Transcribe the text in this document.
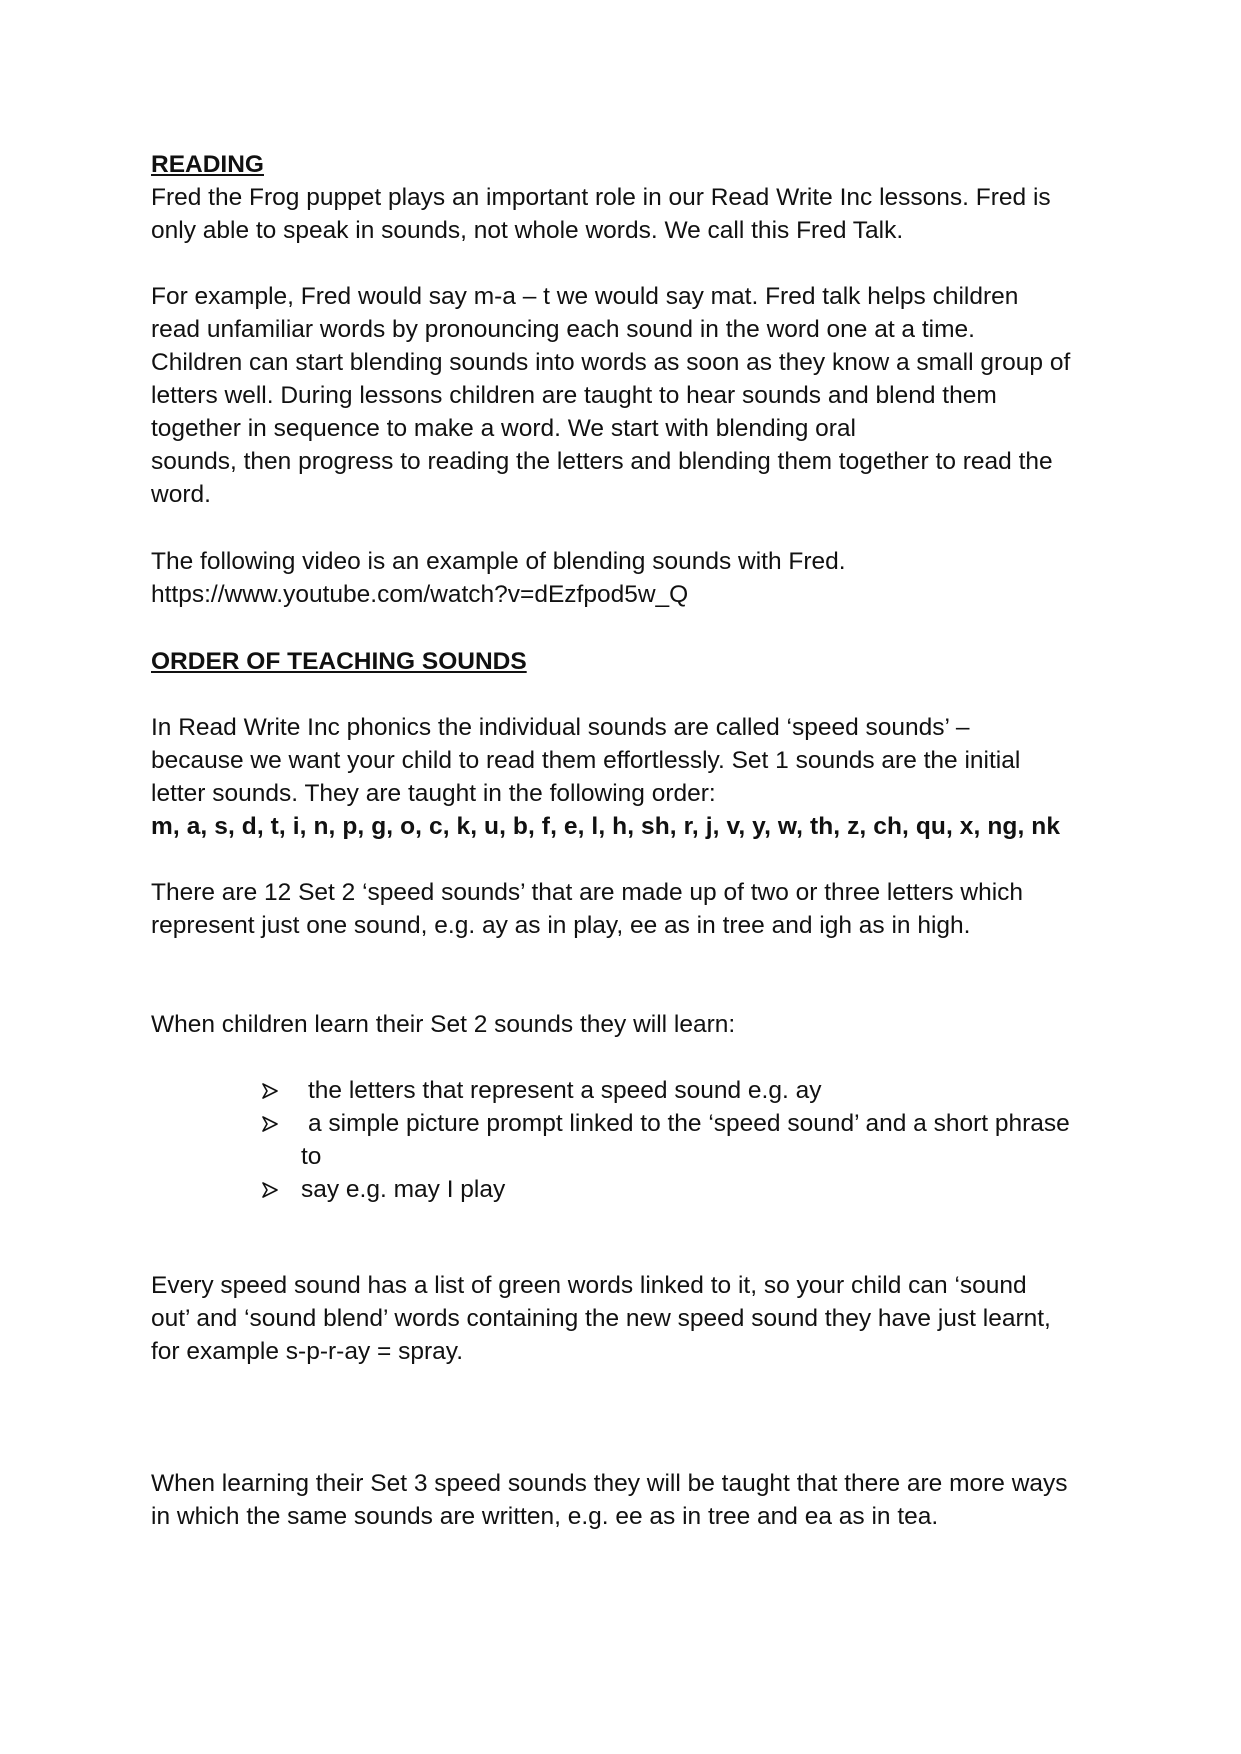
READING

Fred the Frog puppet plays an important role in our Read Write Inc lessons. Fred is
only able to speak in sounds, not whole words. We call this Fred Talk.

For example, Fred would say m-a – t we would say mat. Fred talk helps children
read unfamiliar words by pronouncing each sound in the word one at a time.
Children can start blending sounds into words as soon as they know a small group of
letters well. During lessons children are taught to hear sounds and blend them
together in sequence to make a word. We start with blending oral
sounds, then progress to reading the letters and blending them together to read the
word.

The following video is an example of blending sounds with Fred.
https://www.youtube.com/watch?v=dEzfpod5w_Q

ORDER OF TEACHING SOUNDS

In Read Write Inc phonics the individual sounds are called ‘speed sounds’ –
because we want your child to read them effortlessly. Set 1 sounds are the initial
letter sounds. They are taught in the following order:
m, a, s, d, t, i, n, p, g, o, c, k, u, b, f, e, l, h, sh, r, j, v, y, w, th, z, ch, qu, x, ng, nk

There are 12 Set 2 ‘speed sounds’ that are made up of two or three letters which
represent just one sound, e.g. ay as in play, ee as in tree and igh as in high.

When children learn their Set 2 sounds they will learn:

the letters that represent a speed sound e.g. ay
a simple picture prompt linked to the ‘speed sound’ and a short phrase
to
say e.g. may I play

Every speed sound has a list of green words linked to it, so your child can ‘sound
out’ and ‘sound blend’ words containing the new speed sound they have just learnt,
for example s-p-r-ay = spray.

When learning their Set 3 speed sounds they will be taught that there are more ways
in which the same sounds are written, e.g. ee as in tree and ea as in tea.
